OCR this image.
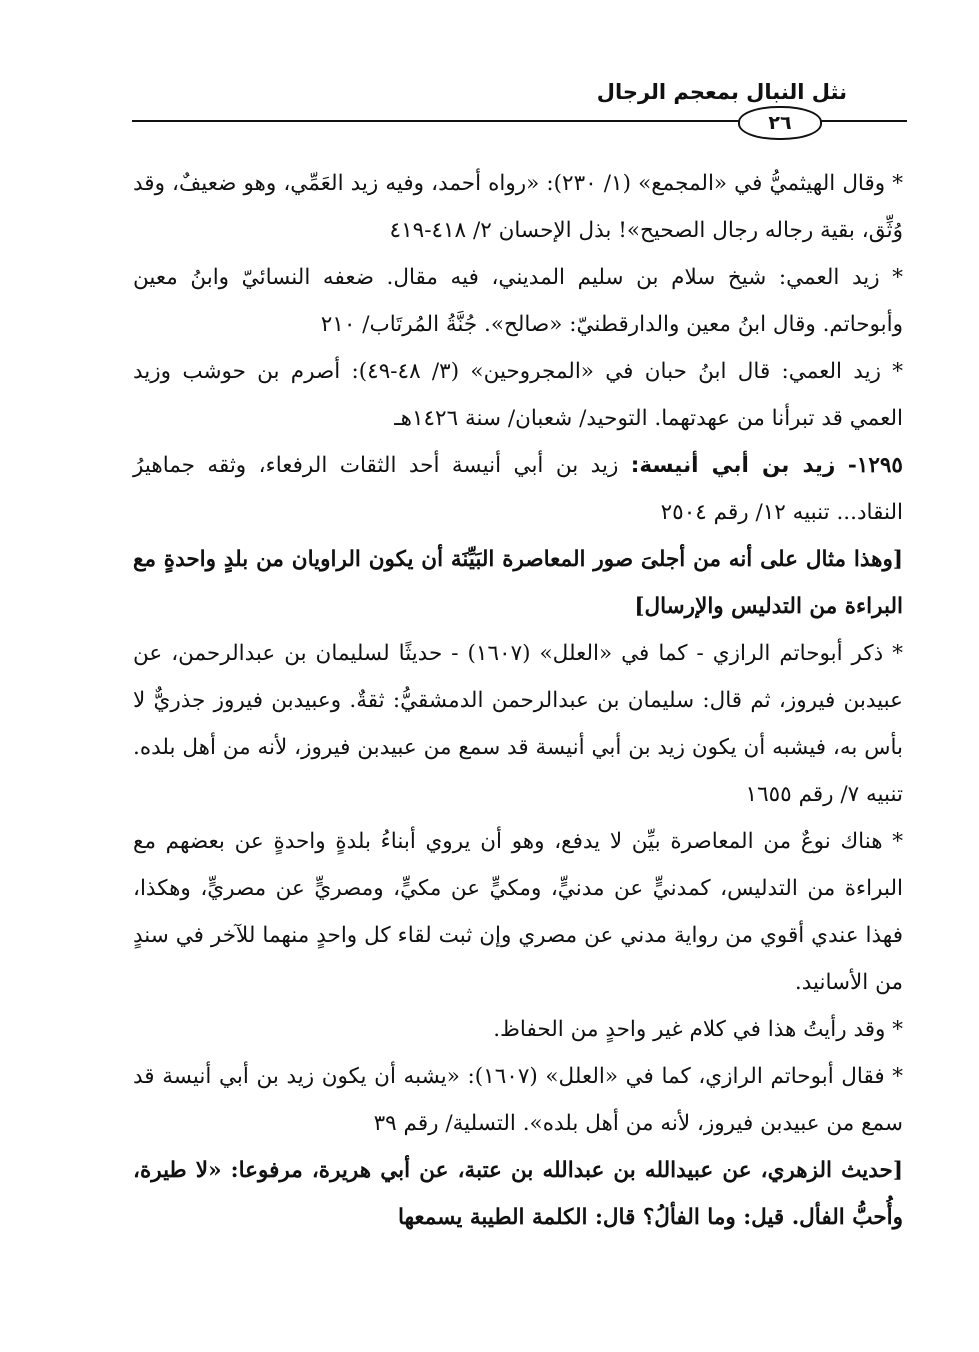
نثل النبال بمعجم الرجال
٢٦

* وقال الهيثميُّ في «المجمع» (١/ ٢٣٠): «رواه أحمد، وفيه زيد العَمِّي، وهو ضعيفٌ، وقد وُثِّق، بقية رجاله رجال الصحيح»! بذل الإحسان ٢/ ٤١٨-٤١٩

* زيد العمي: شيخ سلام بن سليم المديني، فيه مقال. ضعفه النسائيّ وابنُ معين وأبوحاتم. وقال ابنُ معين والدارقطنيّ: «صالح». جُنَّةُ المُرتَاب/ ٢١٠

* زيد العمي: قال ابنُ حبان في «المجروحين» (٣/ ٤٨-٤٩): أصرم بن حوشب وزيد العمي قد تبرأنا من عهدتهما. التوحيد/ شعبان/ سنة ١٤٢٦هـ

١٢٩٥- زيد بن أبي أنيسة: زيد بن أبي أنيسة أحد الثقات الرفعاء، وثقه جماهيرُ النقاد... تنبيه ١٢/ رقم ٢٥٠٤

[وهذا مثال على أنه من أجلىَ صور المعاصرة البَيِّنَة أن يكون الراويان من بلدٍ واحدةٍ مع البراءة من التدليس والإرسال]

* ذكر أبوحاتم الرازي - كما في «العلل» (١٦٠٧) - حديثًا لسليمان بن عبدالرحمن، عن عبيدبن فيروز، ثم قال: سليمان بن عبدالرحمن الدمشقيُّ: ثقةٌ. وعبيدبن فيروز جذريٌّ لا بأس به، فيشبه أن يكون زيد بن أبي أنيسة قد سمع من عبيدبن فيروز، لأنه من أهل بلده. تنبيه ٧/ رقم ١٦٥٥

* هناك نوعٌ من المعاصرة بيِّن لا يدفع، وهو أن يروي أبناءُ بلدةٍ واحدةٍ عن بعضهم مع البراءة من التدليس، كمدنيٍّ عن مدنيٍّ، ومكيٍّ عن مكيٍّ، ومصريٍّ عن مصريٍّ، وهكذا، فهذا عندي أقوي من رواية مدني عن مصري وإن ثبت لقاء كل واحدٍ منهما للآخر في سندٍ من الأسانيد.

* وقد رأيتُ هذا في كلام غير واحدٍ من الحفاظ.

* فقال أبوحاتم الرازي، كما في «العلل» (١٦٠٧): «يشبه أن يكون زيد بن أبي أنيسة قد سمع من عبيدبن فيروز، لأنه من أهل بلده». التسلية/ رقم ٣٩

[حديث الزهري، عن عبيدالله بن عبدالله بن عتبة، عن أبي هريرة، مرفوعا: «لا طيرة، وأُحبُّ الفأل. قيل: وما الفألُ؟ قال: الكلمة الطيبة يسمعها
